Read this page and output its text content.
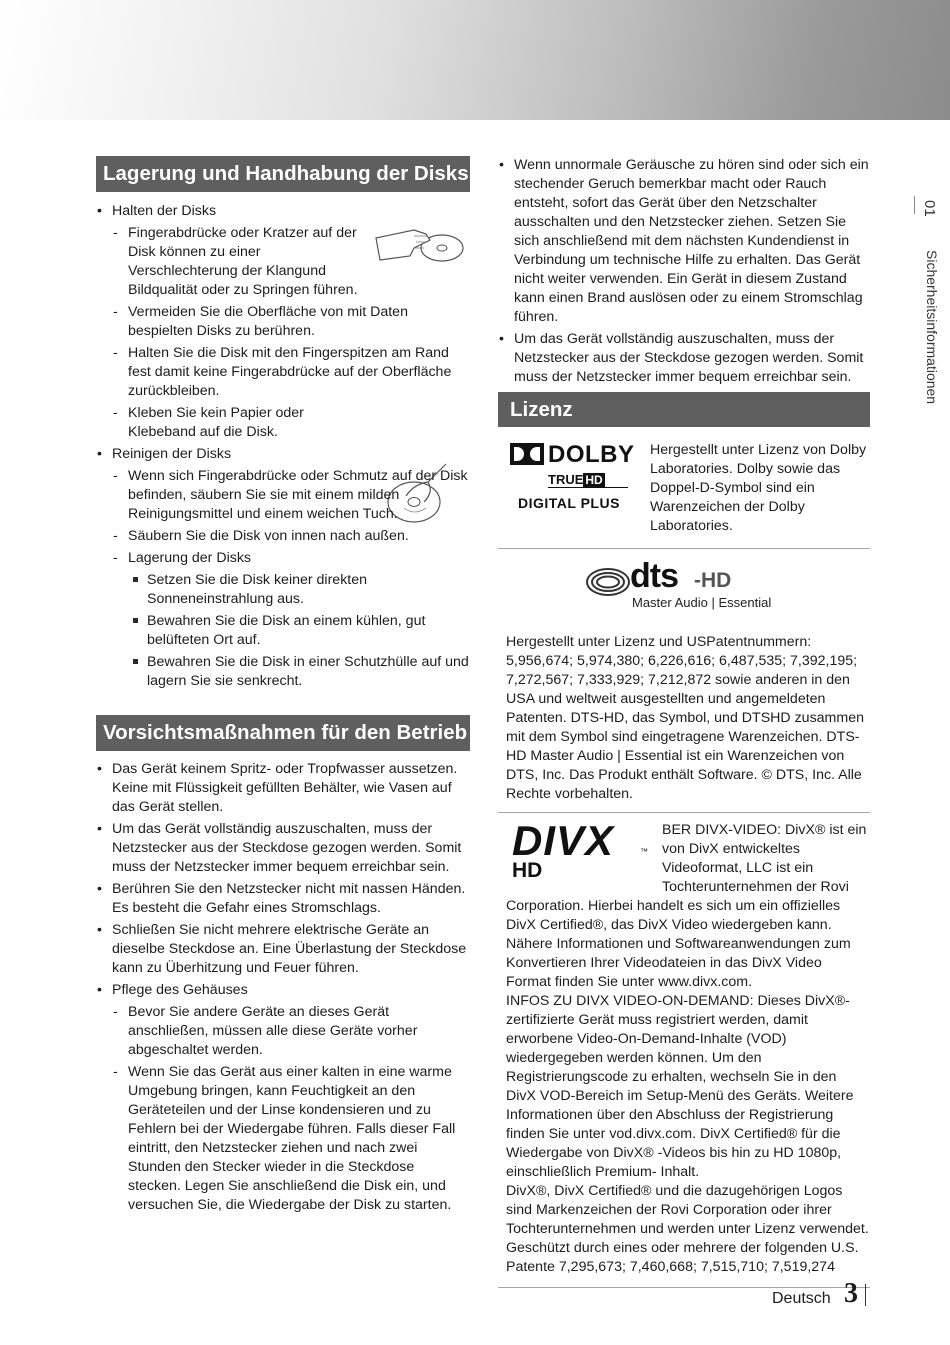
01
Sicherheitsinformationen
Lagerung und Handhabung der Disks
• Halten der Disks
- Fingerabdrücke oder Kratzer auf der Disk können zu einer Verschlechterung der Klangund Bildqualität oder zu Springen führen.
- Vermeiden Sie die Oberfläche von mit Daten bespielten Disks zu berühren.
- Halten Sie die Disk mit den Fingerspitzen am Rand fest damit keine Fingerabdrücke auf der Oberfläche zurückbleiben.
- Kleben Sie kein Papier oder Klebeband auf die Disk.
• Reinigen der Disks
- Wenn sich Fingerabdrücke oder Schmutz auf der Disk befinden, säubern Sie sie mit einem milden Reinigungsmittel und einem weichen Tuch.
- Säubern Sie die Disk von innen nach außen.
- Lagerung der Disks
Setzen Sie die Disk keiner direkten Sonneneinstrahlung aus.
Bewahren Sie die Disk an einem kühlen, gut belüfteten Ort auf.
Bewahren Sie die Disk in einer Schutzhülle auf und lagern Sie sie senkrecht.
Vorsichtsmaßnahmen für den Betrieb
• Das Gerät keinem Spritz- oder Tropfwasser aussetzen. Keine mit Flüssigkeit gefüllten Behälter, wie Vasen auf das Gerät stellen.
• Um das Gerät vollständig auszuschalten, muss der Netzstecker aus der Steckdose gezogen werden. Somit muss der Netzstecker immer bequem erreichbar sein.
• Berühren Sie den Netzstecker nicht mit nassen Händen. Es besteht die Gefahr eines Stromschlags.
• Schließen Sie nicht mehrere elektrische Geräte an dieselbe Steckdose an. Eine Überlastung der Steckdose kann zu Überhitzung und Feuer führen.
• Pflege des Gehäuses
- Bevor Sie andere Geräte an dieses Gerät anschließen, müssen alle diese Geräte vorher abgeschaltet werden.
- Wenn Sie das Gerät aus einer kalten in eine warme Umgebung bringen, kann Feuchtigkeit an den Geräteteilen und der Linse kondensieren und zu Fehlern bei der Wiedergabe führen. Falls dieser Fall eintritt, den Netzstecker ziehen und nach zwei Stunden den Stecker wieder in die Steckdose stecken. Legen Sie anschließend die Disk ein, und versuchen Sie, die Wiedergabe der Disk zu starten.
• Wenn unnormale Geräusche zu hören sind oder sich ein stechender Geruch bemerkbar macht oder Rauch entsteht, sofort das Gerät über den Netzschalter ausschalten und den Netzstecker ziehen. Setzen Sie sich anschließend mit dem nächsten Kundendienst in Verbindung um technische Hilfe zu erhalten. Das Gerät nicht weiter verwenden. Ein Gerät in diesem Zustand kann einen Brand auslösen oder zu einem Stromschlag führen.
• Um das Gerät vollständig auszuschalten, muss der Netzstecker aus der Steckdose gezogen werden. Somit muss der Netzstecker immer bequem erreichbar sein.
Lizenz
DOLBY
TRUE HD
DIGITAL PLUS
Hergestellt unter Lizenz von Dolby Laboratories. Dolby sowie das Doppel-D-Symbol sind ein Warenzeichen der Dolby Laboratories.
dts -HD
Master Audio | Essential
Hergestellt unter Lizenz und USPatentnummern: 5,956,674; 5,974,380; 6,226,616; 6,487,535; 7,392,195; 7,272,567; 7,333,929; 7,212,872 sowie anderen in den USA und weltweit ausgestellten und angemeldeten Patenten. DTS-HD, das Symbol, und DTSHD zusammen mit dem Symbol sind eingetragene Warenzeichen. DTS-HD Master Audio | Essential ist ein Warenzeichen von DTS, Inc. Das Produkt enthält Software. © DTS, Inc. Alle Rechte vorbehalten.
DIVX	™
HD
BER DIVX-VIDEO: DivX® ist ein von DivX entwickeltes Videoformat, LLC ist ein Tochterunternehmen der Rovi Corporation. Hierbei handelt es sich um ein offizielles DivX Certified®, das DivX Video wiedergeben kann. Nähere Informationen und Softwareanwendungen zum Konvertieren Ihrer Videodateien in das DivX Video Format finden Sie unter www.divx.com.
INFOS ZU DIVX VIDEO-ON-DEMAND: Dieses DivX®-zertifizierte Gerät muss registriert werden, damit erworbene Video-On-Demand-Inhalte (VOD) wiedergegeben werden können. Um den Registrierungscode zu erhalten, wechseln Sie in den DivX VOD-Bereich im Setup-Menü des Geräts. Weitere Informationen über den Abschluss der Registrierung finden Sie unter vod.divx.com. DivX Certified® für die Wiedergabe von DivX® -Videos bis hin zu HD 1080p, einschließlich Premium- Inhalt.
DivX®, DivX Certified® und die dazugehörigen Logos sind Markenzeichen der Rovi Corporation oder ihrer Tochterunternehmen und werden unter Lizenz verwendet. Geschützt durch eines oder mehrere der folgenden U.S. Patente 7,295,673; 7,460,668; 7,515,710; 7,519,274
Deutsch 3
